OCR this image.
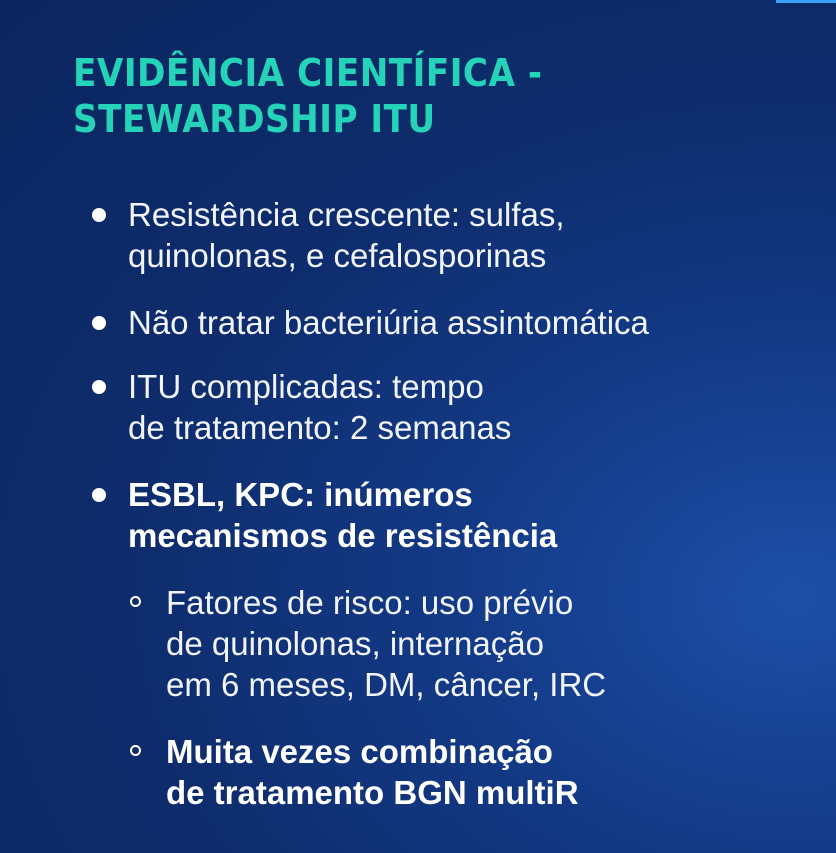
EVIDÊNCIA CIENTÍFICA -
STEWARDSHIP ITU
Resistência crescente: sulfas,
quinolonas, e cefalosporinas
Não tratar bacteriúria assintomática
ITU complicadas: tempo
de tratamento: 2 semanas
ESBL, KPC: inúmeros
mecanismos de resistência
Fatores de risco: uso prévio
de quinolonas, internação
em 6 meses, DM, câncer, IRC
Muita vezes combinação
de tratamento BGN multiR
